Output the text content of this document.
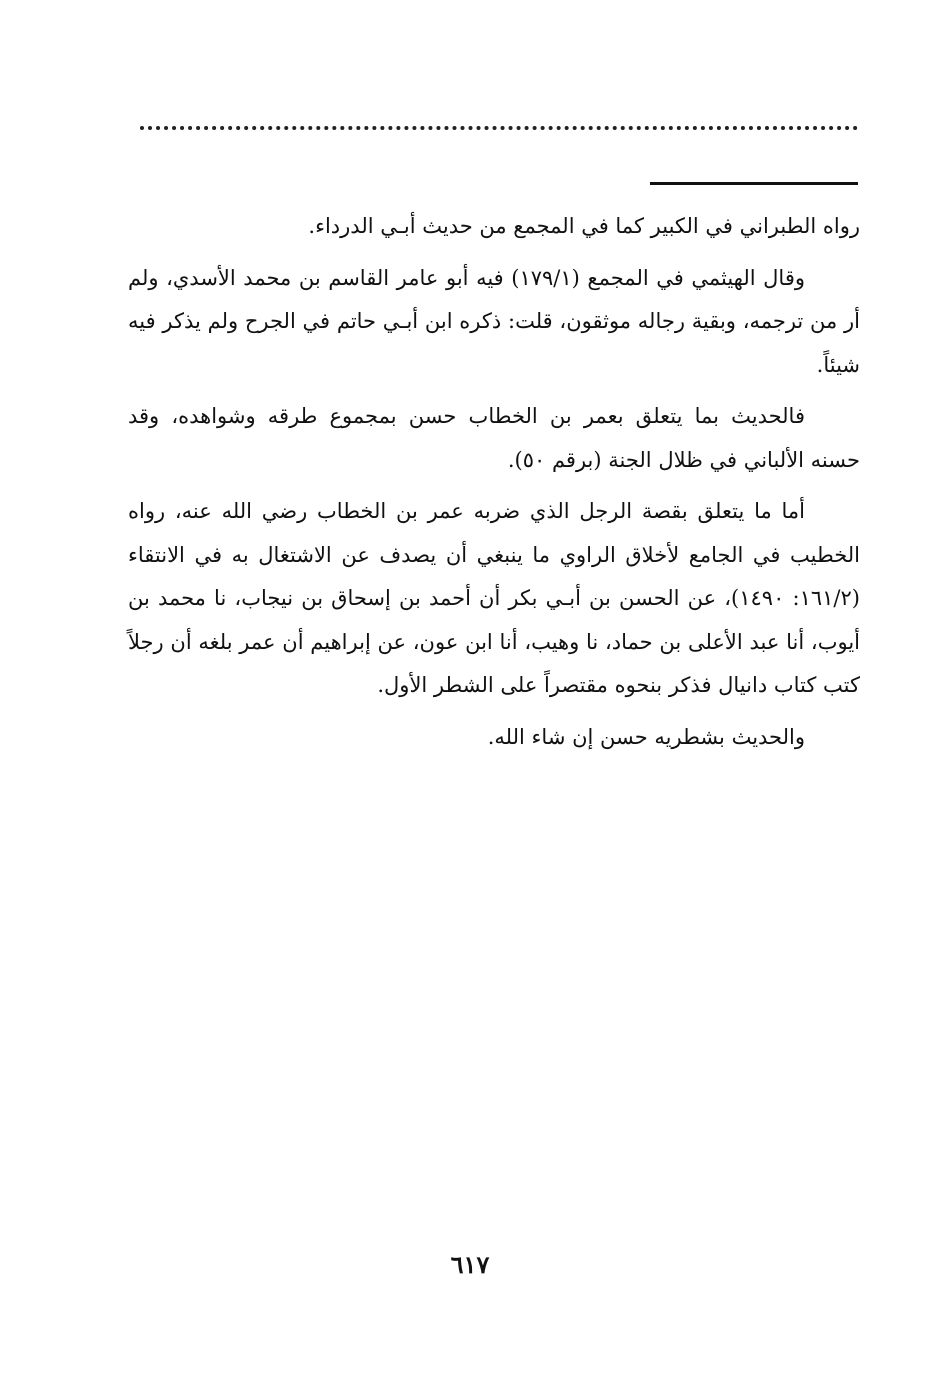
رواه الطبراني في الكبير كما في المجمع من حديث أبـي الدرداء.

وقال الهيثمي في المجمع (١٧٩/١) فيه أبو عامر القاسم بن محمد الأسدي، ولم أر من ترجمه، وبقية رجاله موثقون، قلت: ذكره ابن أبـي حاتم في الجرح ولم يذكر فيه شيئاً.

فالحديث بما يتعلق بعمر بن الخطاب حسن بمجموع طرقه وشواهده، وقد حسنه الألباني في ظلال الجنة (برقم ٥٠).

أما ما يتعلق بقصة الرجل الذي ضربه عمر بن الخطاب رضي الله عنه، رواه الخطيب في الجامع لأخلاق الراوي ما ينبغي أن يصدف عن الاشتغال به في الانتقاء (١٦١/٢: ١٤٩٠)، عن الحسن بن أبـي بكر أن أحمد بن إسحاق بن نيجاب، نا محمد بن أيوب، أنا عبد الأعلى بن حماد، نا وهيب، أنا ابن عون، عن إبراهيم أن عمر بلغه أن رجلاً كتب كتاب دانيال فذكر بنحوه مقتصراً على الشطر الأول.

والحديث بشطريه حسن إن شاء الله.

٦١٧
